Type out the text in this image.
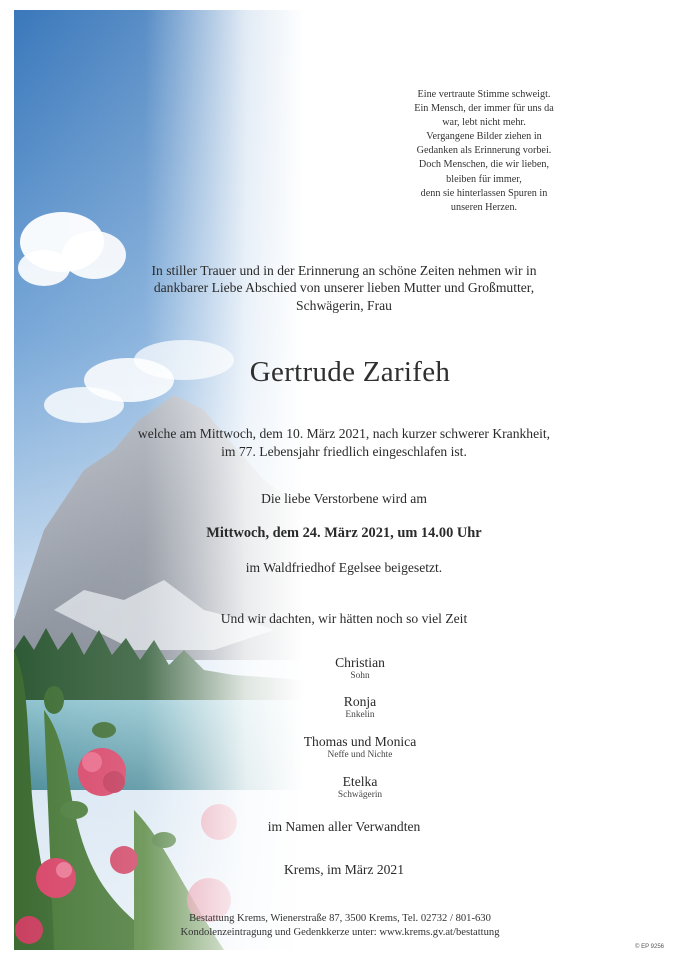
Eine vertraute Stimme schweigt.
Ein Mensch, der immer für uns da
war, lebt nicht mehr.
Vergangene Bilder ziehen in
Gedanken als Erinnerung vorbei.
Doch Menschen, die wir lieben,
bleiben für immer,
denn sie hinterlassen Spuren in
unseren Herzen.
In stiller Trauer und in der Erinnerung an schöne Zeiten nehmen wir in
dankbarer Liebe Abschied von unserer lieben Mutter und Großmutter,
Schwägerin, Frau
Gertrude Zarifeh
welche am Mittwoch, dem 10. März 2021, nach kurzer schwerer Krankheit,
im 77. Lebensjahr friedlich eingeschlafen ist.
Die liebe Verstorbene wird am
Mittwoch, dem 24. März 2021, um 14.00 Uhr
im Waldfriedhof Egelsee beigesetzt.
Und wir dachten, wir hätten noch so viel Zeit
Christian
Sohn
Ronja
Enkelin
Thomas und Monica
Neffe und Nichte
Etelka
Schwägerin
im Namen aller Verwandten
Krems, im März 2021
Bestattung Krems, Wienerstraße 87, 3500 Krems, Tel. 02732 / 801-630
Kondolenzeintragung und Gedenkkerze unter: www.krems.gv.at/bestattung
© EP 9256
